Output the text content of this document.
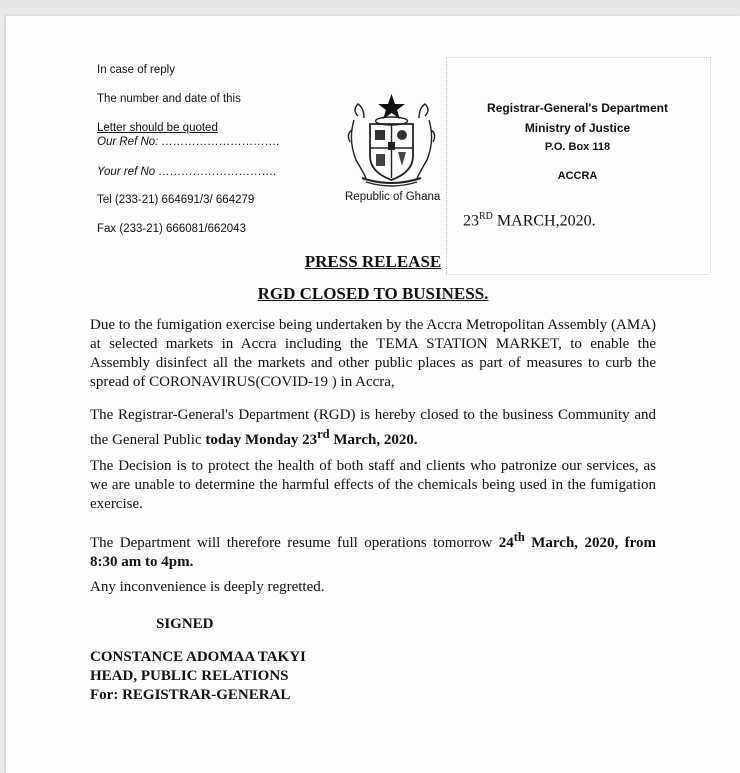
In case of reply
The number and date of this
Letter should be quoted
Our Ref No: ………………………….
Your ref No ………………………….
Tel (233-21) 664691/3/ 664279
Fax (233-21) 666081/662043
Republic of Ghana
Registrar-General's Department
Ministry of Justice
P.O. Box 118
ACCRA
23RD MARCH,2020.
PRESS RELEASE
RGD CLOSED TO BUSINESS.

Due to the fumigation exercise being undertaken by the Accra Metropolitan Assembly (AMA) at selected markets in Accra including the TEMA STATION MARKET, to enable the Assembly disinfect all the markets and other public places as part of measures to curb the spread of CORONAVIRUS(COVID-19 ) in Accra,

The Registrar-General's Department (RGD) is hereby closed to the business Community and the General Public today Monday 23rd March, 2020.

The Decision is to protect the health of both staff and clients who patronize our services, as we are unable to determine the harmful effects of the chemicals being used in the fumigation exercise.

The Department will therefore resume full operations tomorrow 24th March, 2020, from 8:30 am to 4pm.

Any inconvenience is deeply regretted.

SIGNED
CONSTANCE ADOMAA TAKYI
HEAD, PUBLIC RELATIONS
For: REGISTRAR-GENERAL
